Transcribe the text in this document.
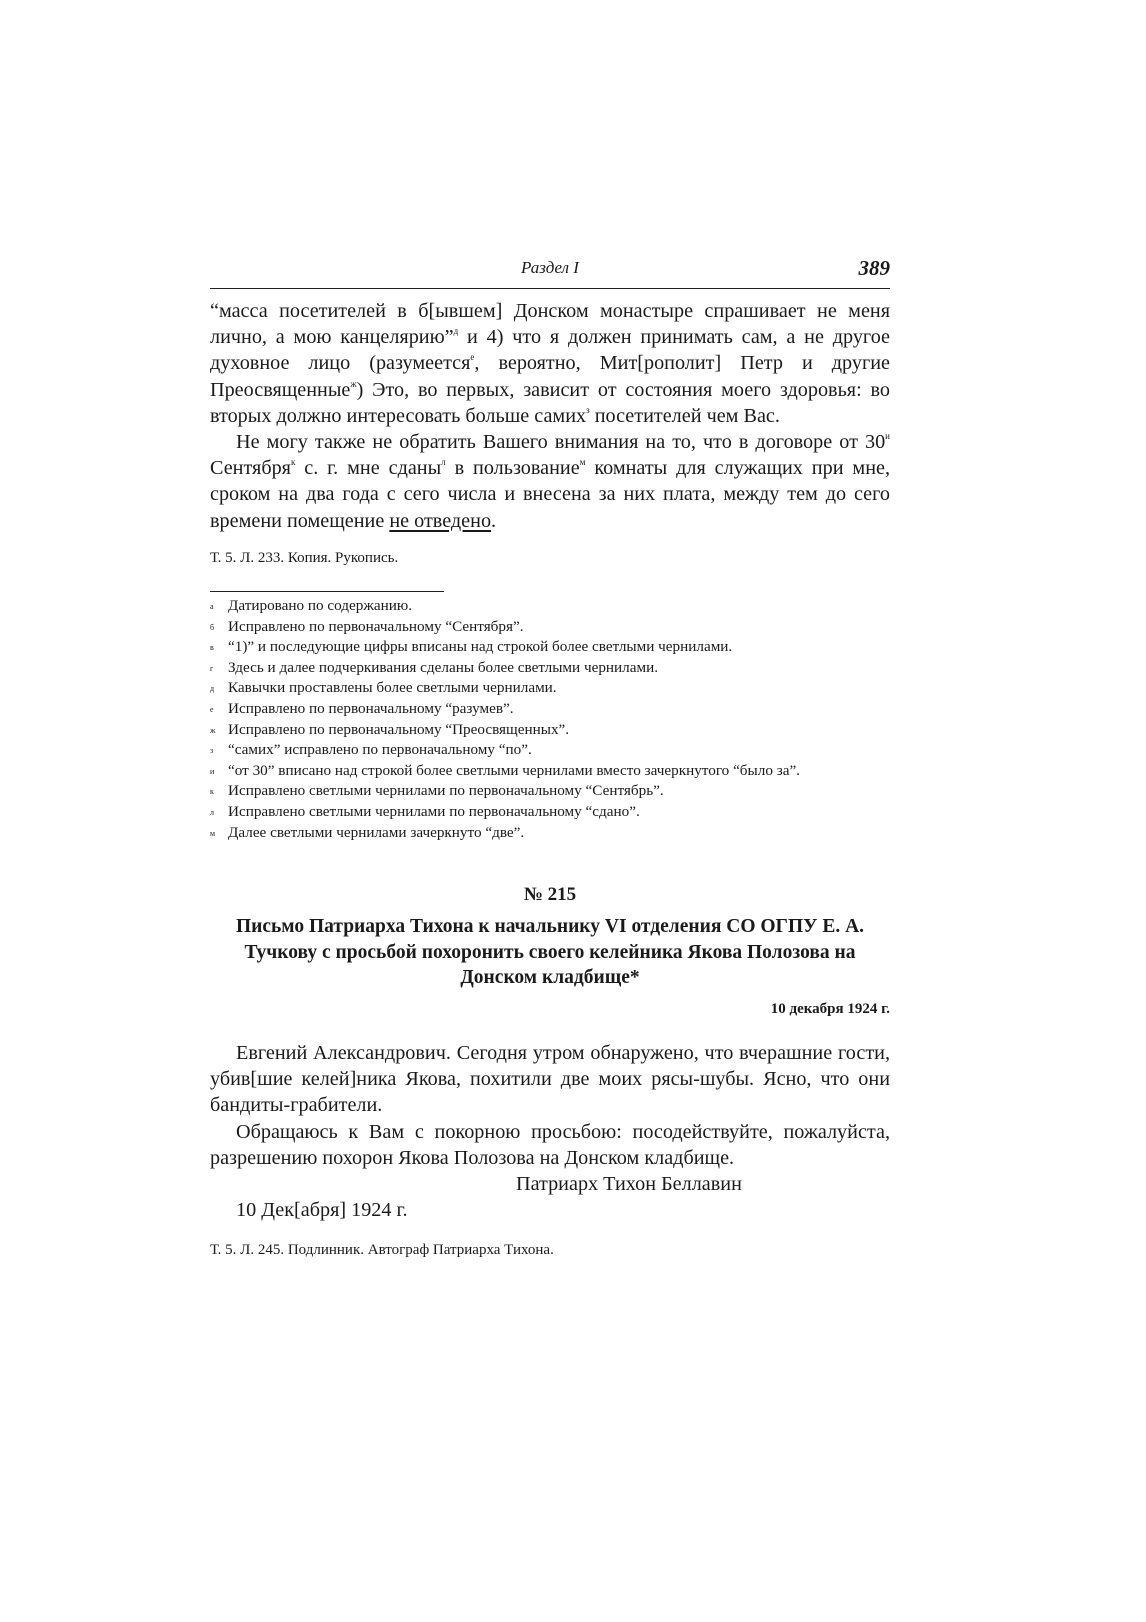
Раздел I	389

“масса посетителей в б[ывшем] Донском монастыре спрашивает не меня лично, а мою канцелярию”$^д$ и 4) что я должен принимать сам, а не другое духовное лицо (разумеется$^е$, вероятно, Мит[рополит] Петр и другие Преосвященные$^ж$) Это, во первых, зависит от состояния моего здоровья: во вторых должно интересовать больше самих$^з$ посетителей чем Вас.

Не могу также не обратить Вашего внимания на то, что в договоре от $30^и$ Сентября$^к$ с. г. мне сданы$^л$ в пользование$^м$ комнаты для служащих при мне, сроком на два года с сего числа и внесена за них плата, между тем до сего времени помещение не отведено.

Т. 5. Л. 233. Копия. Рукопись.
а Датировано по содержанию.
б Исправлено по первоначальному “Сентября”.
в “1)” и последующие цифры вписаны над строкой более светлыми чернилами.
г Здесь и далее подчеркивания сделаны более светлыми чернилами.
д Кавычки проставлены более светлыми чернилами.
е Исправлено по первоначальному “разумев”.
ж Исправлено по первоначальному “Преосвященных”.
з “самих” исправлено по первоначальному “по”.
и “от 30” вписано над строкой более светлыми чернилами вместо зачеркнутого “было за”.
к Исправлено светлыми чернилами по первоначальному “Сентябрь”.
л Исправлено светлыми чернилами по первоначальному “сдано”.
м Далее светлыми чернилами зачеркнуто “две”.
№ 215
Письмо Патриарха Тихона к начальнику VI отделения СО ОГПУ Е. А. Тучкову с просьбой похоронить своего келейника Якова Полозова на Донском кладбище*
10 декабря 1924 г.

Евгений Александрович. Сегодня утром обнаружено, что вчерашние гости, убив[шие келей]ника Якова, похитили две моих рясы-шубы. Ясно, что они бандиты-грабители.

Обращаюсь к Вам с покорною просьбою: посодействуйте, пожалуйста, разрешению похорон Якова Полозова на Донском кладбище.

Патриарх Тихон Беллавин

10 Дек[абря] 1924 г.

Т. 5. Л. 245. Подлинник. Автограф Патриарха Тихона.
